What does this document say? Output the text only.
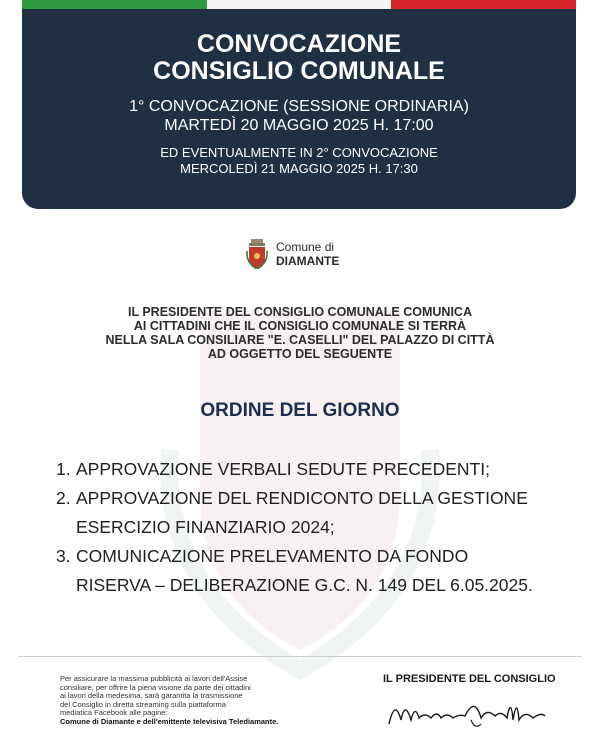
CONVOCAZIONE
CONSIGLIO COMUNALE
1° CONVOCAZIONE (SESSIONE ORDINARIA)
MARTEDÌ 20 MAGGIO 2025 H. 17:00
ED EVENTUALMENTE IN 2° CONVOCAZIONE
MERCOLEDÌ 21 MAGGIO 2025 H. 17:30
Comune di
DIAMANTE
IL PRESIDENTE DEL CONSIGLIO COMUNALE COMUNICA
AI CITTADINI CHE IL CONSIGLIO COMUNALE SI TERRÀ
NELLA SALA CONSILIARE "E. CASELLI" DEL PALAZZO DI CITTÀ
AD OGGETTO DEL SEGUENTE
ORDINE DEL GIORNO
1. APPROVAZIONE VERBALI SEDUTE PRECEDENTI;
2. APPROVAZIONE DEL RENDICONTO DELLA GESTIONE
ESERCIZIO FINANZIARIO 2024;
3. COMUNICAZIONE PRELEVAMENTO DA FONDO
RISERVA – DELIBERAZIONE G.C. N. 149 DEL 6.05.2025.
Per assicurare la massima pubblicità ai lavori dell'Assise
consiliare, per offrire la piena visione da parte dei cittadini
ai lavori della medesima, sarà garantita la trasmissione
del Consiglio in diretta streaming sulla piattaforma
mediatica Facebook alle pagine:
Comune di Diamante e dell'emittente televisiva Telediamante.
IL PRESIDENTE DEL CONSIGLIO
